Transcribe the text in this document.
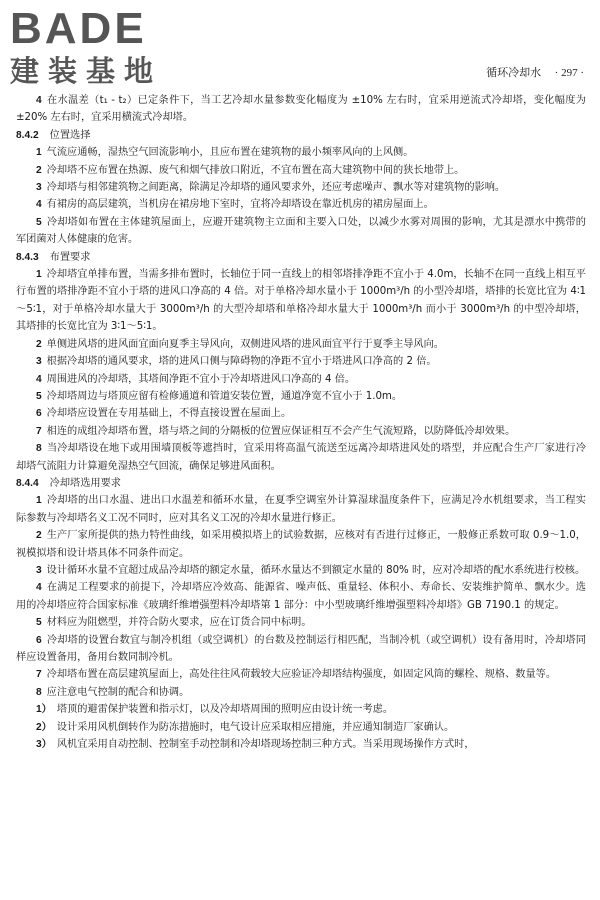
BADE
建装基地	循环冷却水 · 297 ·
4 在水温差（t₁ - t₂）已定条件下，当工艺冷却水量参数变化幅度为 ±10% 左右时，宜采用逆流式冷却塔，变化幅度为 ±20% 左右时，宜采用横流式冷却塔。
8.4.2 位置选择
1 气流应通畅，湿热空气回流影响小，且应布置在建筑物的最小频率风向的上风侧。
2 冷却塔不应布置在热源、废气和烟气排放口附近，不宜布置在高大建筑物中间的狭长地带上。
3 冷却塔与相邻建筑物之间距离，除满足冷却塔的通风要求外，还应考虑噪声、飘水等对建筑物的影响。
4 有裙房的高层建筑，当机房在裙房地下室时，宜将冷却塔设在靠近机房的裙房屋面上。
5 冷却塔如布置在主体建筑屋面上，应避开建筑物主立面和主要入口处，以减少水雾对周围的影响，尤其是漂水中携带的军团菌对人体健康的危害。
8.4.3 布置要求
1 冷却塔宜单排布置，当需多排布置时，长轴位于同一直线上的相邻塔排净距不宜小于 4.0m，长轴不在同一直线上相互平行布置的塔排净距不宜小于塔的进风口净高的 4 倍。对于单格冷却水量小于 1000m³/h 的小型冷却塔，塔排的长宽比宜为 4∶1～5∶1，对于单格冷却水量大于 3000m³/h 的大型冷却塔和单格冷却水量大于 1000m³/h 而小于 3000m³/h 的中型冷却塔，其塔排的长宽比宜为 3∶1～5∶1。
2 单侧进风塔的进风面宜面向夏季主导风向，双侧进风塔的进风面宜平行于夏季主导风向。
3 根据冷却塔的通风要求，塔的进风口侧与障碍物的净距不宜小于塔进风口净高的 2 倍。
4 周围进风的冷却塔，其塔间净距不宜小于冷却塔进风口净高的 4 倍。
5 冷却塔周边与塔顶应留有检修通道和管道安装位置，通道净宽不宜小于 1.0m。
6 冷却塔应设置在专用基础上，不得直接设置在屋面上。
7 相连的成组冷却塔布置，塔与塔之间的分隔板的位置应保证相互不会产生气流短路，以防降低冷却效果。
8 当冷却塔设在地下或用围墙顶板等遮挡时，宜采用将高温气流送至远离冷却塔进风处的塔型，并应配合生产厂家进行冷却塔气流阻力计算避免湿热空气回流，确保足够进风面积。
8.4.4 冷却塔选用要求
1 冷却塔的出口水温、进出口水温差和循环水量，在夏季空调室外计算湿球温度条件下，应满足冷水机组要求，当工程实际参数与冷却塔名义工况不同时，应对其名义工况的冷却水量进行修正。
2 生产厂家所提供的热力特性曲线，如采用模拟塔上的试验数据，应核对有否进行过修正，一般修正系数可取 0.9～1.0，视模拟塔和设计塔具体不同条件而定。
3 设计循环水量不宜超过成品冷却塔的额定水量，循环水量达不到额定水量的 80% 时，应对冷却塔的配水系统进行校核。
4 在满足工程要求的前提下，冷却塔应冷效高、能源省、噪声低、重量轻、体积小、寿命长、安装维护简单、飘水少。选用的冷却塔应符合国家标准《玻璃纤维增强塑料冷却塔第 1 部分：中小型玻璃纤维增强塑料冷却塔》GB 7190.1 的规定。
5 材料应为阻燃型，并符合防火要求，应在订货合同中标明。
6 冷却塔的设置台数宜与制冷机组（或空调机）的台数及控制运行相匹配，当制冷机（或空调机）设有备用时，冷却塔同样应设置备用，备用台数同制冷机。
7 冷却塔布置在高层建筑屋面上，高处往往风荷载较大应验证冷却塔结构强度，如固定风筒的螺栓、规格、数量等。
8 应注意电气控制的配合和协调。
1） 塔顶的避雷保护装置和指示灯，以及冷却塔周围的照明应由设计统一考虑。
2） 设计采用风机倒转作为防冻措施时，电气设计应采取相应措施，并应通知制造厂家确认。
3） 风机宜采用自动控制、控制室手动控制和冷却塔现场控制三种方式。当采用现场操作方式时，
